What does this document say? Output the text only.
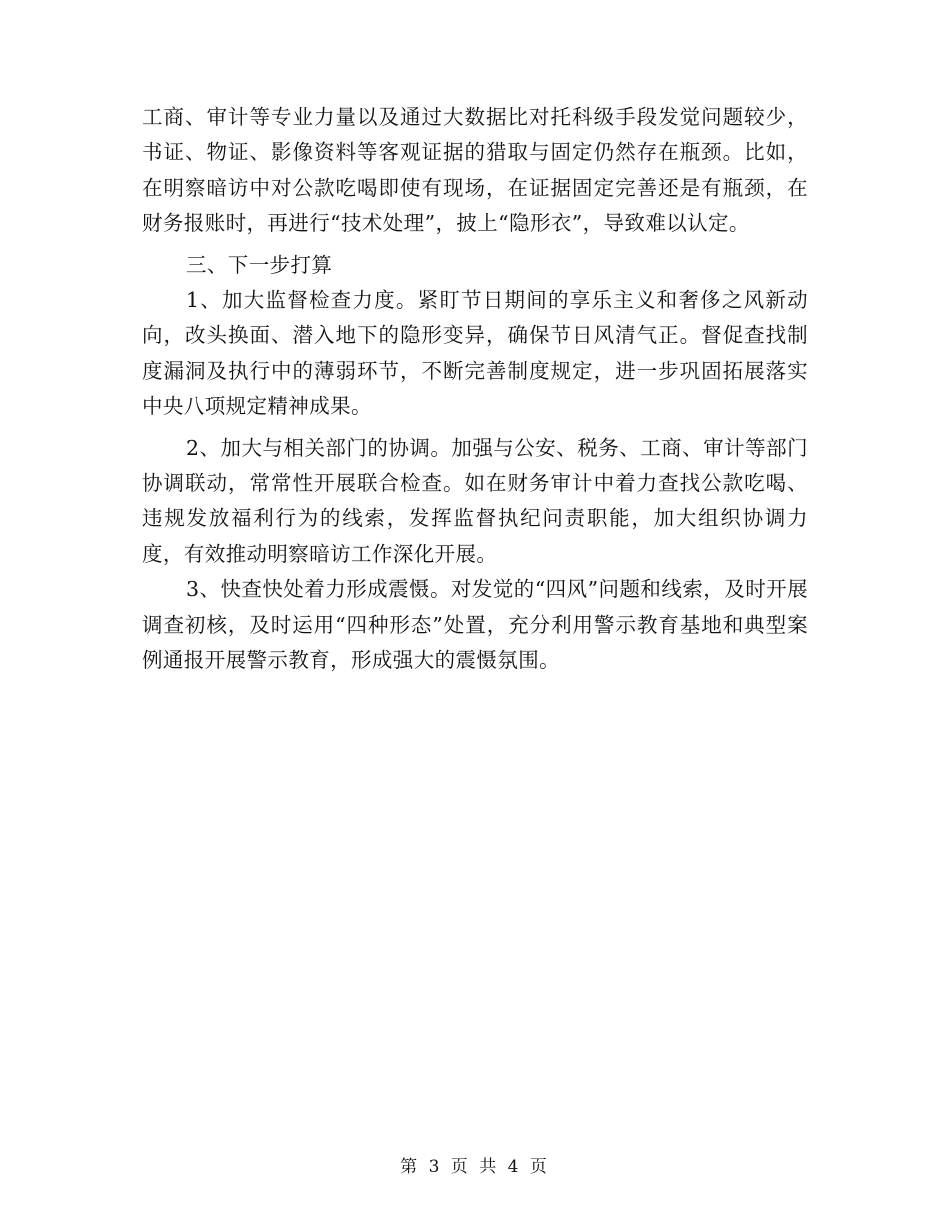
工商、审计等专业力量以及通过大数据比对托科级手段发觉问题较少，书证、物证、影像资料等客观证据的猎取与固定仍然存在瓶颈。比如，在明察暗访中对公款吃喝即使有现场，在证据固定完善还是有瓶颈，在财务报账时，再进行“技术处理”，披上“隐形衣”，导致难以认定。

三、下一步打算

1、加大监督检查力度。紧盯节日期间的享乐主义和奢侈之风新动向，改头换面、潜入地下的隐形变异，确保节日风清气正。督促查找制度漏洞及执行中的薄弱环节，不断完善制度规定，进一步巩固拓展落实中央八项规定精神成果。

2、加大与相关部门的协调。加强与公安、税务、工商、审计等部门协调联动，常常性开展联合检查。如在财务审计中着力查找公款吃喝、违规发放福利行为的线索，发挥监督执纪问责职能，加大组织协调力度，有效推动明察暗访工作深化开展。

3、快查快处着力形成震慑。对发觉的“四风”问题和线索，及时开展调查初核，及时运用“四种形态”处置，充分利用警示教育基地和典型案例通报开展警示教育，形成强大的震慑氛围。

第 3 页 共 4 页
